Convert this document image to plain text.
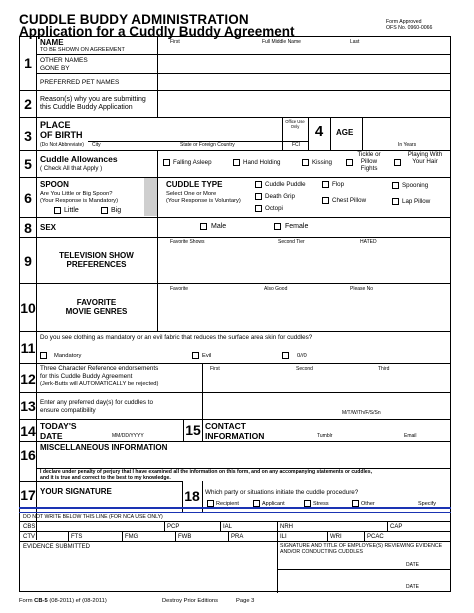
CUDDLE BUDDY ADMINISTRATION
Application for a Cuddly Buddy Agreement
Form Approved
OFS No. 0960-0066
1
NAME
TO BE SHOWN ON AGREEMENT
First	Full Middle Name	Last
OTHER NAMES
GONE BY
PREFERRED PET NAMES
2	Reason(s) why you are submitting
this Cuddle Buddy Application
3
PLACE
OF BIRTH
(Do Not Abbreviate) City	State or Foreign Country	FCI
Office Use Only	4	AGE
In Years
5 Cuddle Allowances
( Check All that Apply )
Falling Asleep	Hand Holding	Kissing
Tickle or Pillow Fights
Playing With Your Hair
6
SPOON
Are You Little or Big Spoon?
(Your Response is Mandatory)
Little	Big
CUDDLE TYPE
Select One or More
(Your Response is Voluntary)
Cuddle Puddle	Flop	Spooning
Death Grip
Chest Pillow	Lap Pillow
Octopi
8	SEX	Male	Female
9	TELEVISION SHOW
PREFERENCES
Favorite Shows	Second Tier	HATED
10	FAVORITE
MOVIE GENRES
Favorite	Also Good	Please No
11
Do you see clothing as mandatory or an evil fabric that reduces the surface area skin for cuddles?
Mandatory	Evil	0//0
12
Three Character Reference endorsements
for this Cuddle Buddy Agreement
(Jerk-Butts will AUTOMATICALLY be rejected)
First	Second	Third
13 Enter any preferred day(s) for cuddles to
ensure compatibility	M/T/W/Th/F/S/Sn
14 TODAY'S
DATE	MM/DD/YYYY	15 CONTACT
INFORMATION	Tumblr	Email
16 MISCELLANEOUS INFORMATION
I declare under penalty of perjury that I have examined all the information on this form, and on any accompanying statements or cuddles,
and it is true and correct to the best to my knowledge.
17 YOUR SIGNATURE	18 Which party or situations initiate the cuddle procedure?
Recipient	Applicant	Stress	Other	Specify
DO NOT WRITE BELOW THIS LINE (FOR NCA USE ONLY)
CBS	PCP	IAL	NRH	CAP
CTV	FTS	FMG	FWB	PRA	ILI	WRI	PCAC
EVIDENCE SUBMITTED	SIGNATURE AND TITLE OF EMPLOYEE(S) REVIEWING EVIDENCE AND/OR CONDUCTING CUDDLES
DATE
DATE
Form CB-5 (08-2011) ef (08-2011)	Destroy Prior Editions	Page 3
